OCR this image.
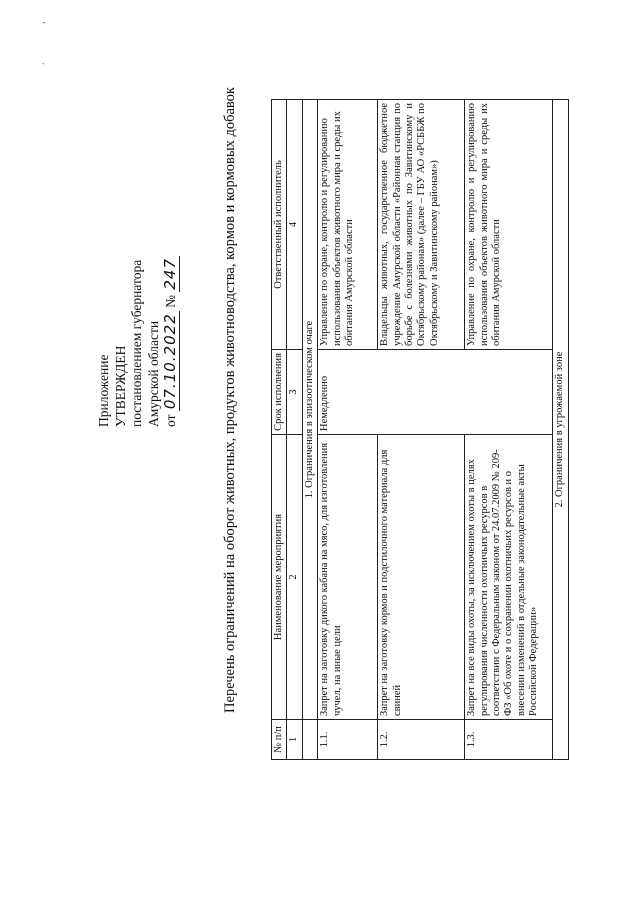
. ,
Приложение УТВЕРЖДЕН постановлением губернатора Амурской области от 07.10.2022 № 247	Перечень ограничений на оборот животных, продуктов животноводства, кормов и кормовых добавок
№ п/п	Наименование мероприятия	Срок исполнения	Ответственный исполнитель
1	2	3	4
	1. Ограничения в эпизоотическом очаге		
1.1.	Запрет на заготовку дикого кабана на мясо, для изготовления чучел, на иные цели	Немедленно	Управление по охране, контролю и регулированию использования объектов животного мира и среды их обитания Амурской области
1.2.	Запрет на заготовку кормов и подстилочного материала для свиней		Владельцы животных, государственное бюджетное учреждение Амурской области «Районная станция по борьбе с болезнями животных по Завитинскому и Октябрьскому районам» (далее – ГБУ АО «РСББЖ по Октябрьскому и Завитинскому районам»)
1.3.	Запрет на все виды охоты, за исключением охоты в целях регулирования численности охотничьих ресурсов в соответствии с Федеральным законом от 24.07.2009 № 209-ФЗ «Об охоте и о сохранении охотничьих ресурсов и о внесении изменений в отдельные законодательные акты Российской Федерации»		Управление по охране, контролю и регулированию использования объектов животного мира и среды их обитания Амурской области
2. Ограничения в угрожаемой зоне			
